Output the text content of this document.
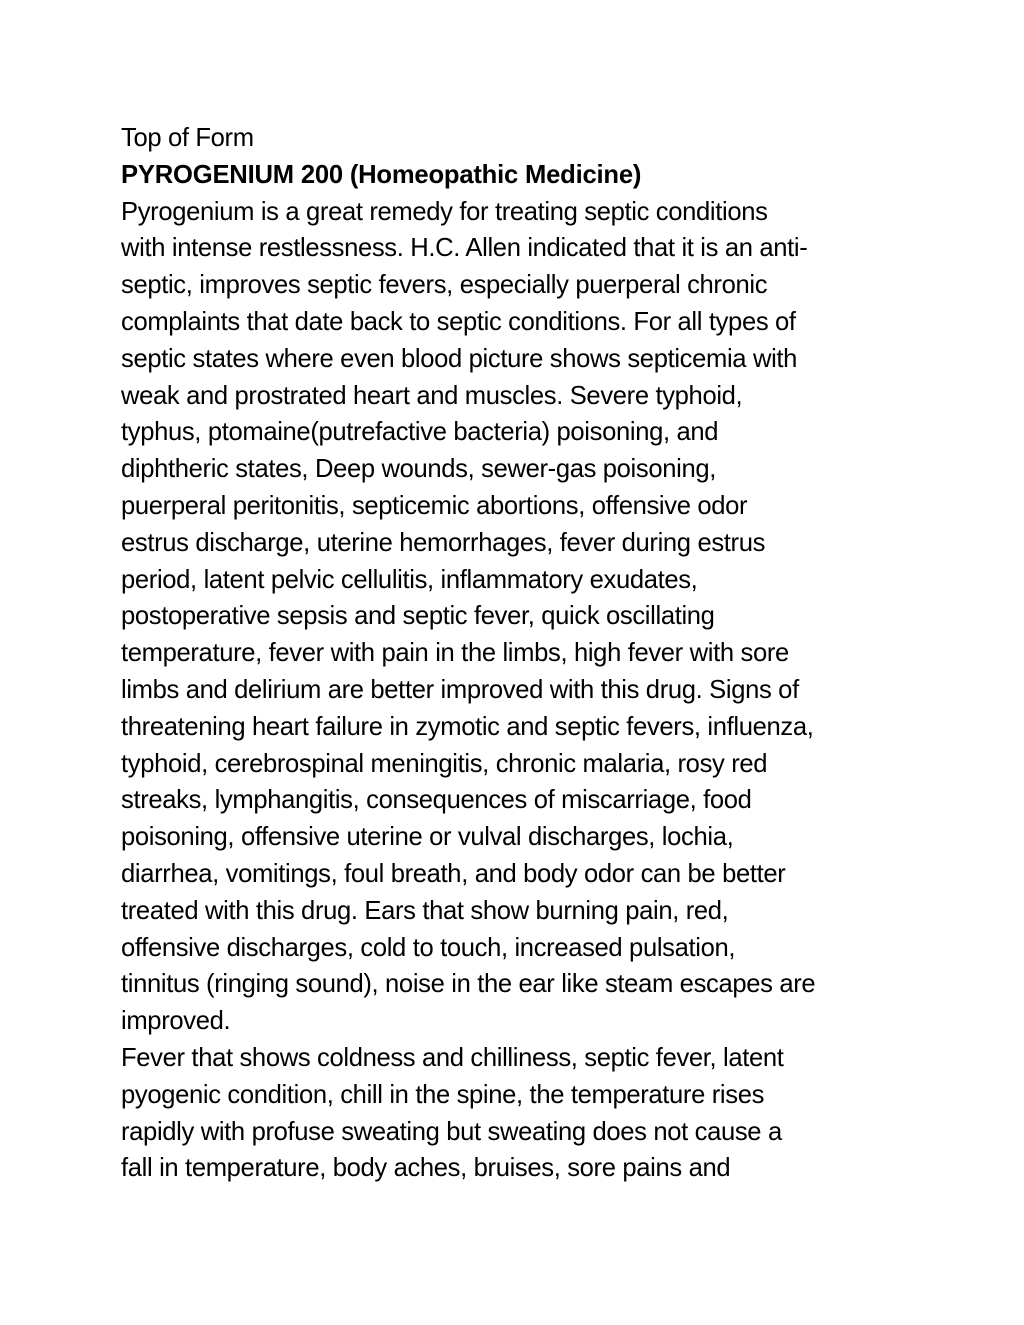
Top of Form
PYROGENIUM 200 (Homeopathic Medicine)
Pyrogenium is a great remedy for treating septic conditions
with intense restlessness. H.C. Allen indicated that it is an anti-
septic, improves septic fevers, especially puerperal chronic
complaints that date back to septic conditions. For all types of
septic states where even blood picture shows septicemia with
weak and prostrated heart and muscles. Severe typhoid,
typhus, ptomaine(putrefactive bacteria) poisoning, and
diphtheric states, Deep wounds, sewer-gas poisoning,
puerperal peritonitis, septicemic abortions, offensive odor
estrus discharge, uterine hemorrhages, fever during estrus
period, latent pelvic cellulitis, inflammatory exudates,
postoperative sepsis and septic fever, quick oscillating
temperature, fever with pain in the limbs, high fever with sore
limbs and delirium are better improved with this drug. Signs of
threatening heart failure in zymotic and septic fevers, influenza,
typhoid, cerebrospinal meningitis, chronic malaria, rosy red
streaks, lymphangitis, consequences of miscarriage, food
poisoning, offensive uterine or vulval discharges, lochia,
diarrhea, vomitings, foul breath, and body odor can be better
treated with this drug. Ears that show burning pain, red,
offensive discharges, cold to touch, increased pulsation,
tinnitus (ringing sound), noise in the ear like steam escapes are
improved.
Fever that shows coldness and chilliness, septic fever, latent
pyogenic condition, chill in the spine, the temperature rises
rapidly with profuse sweating but sweating does not cause a
fall in temperature, body aches, bruises, sore pains and
